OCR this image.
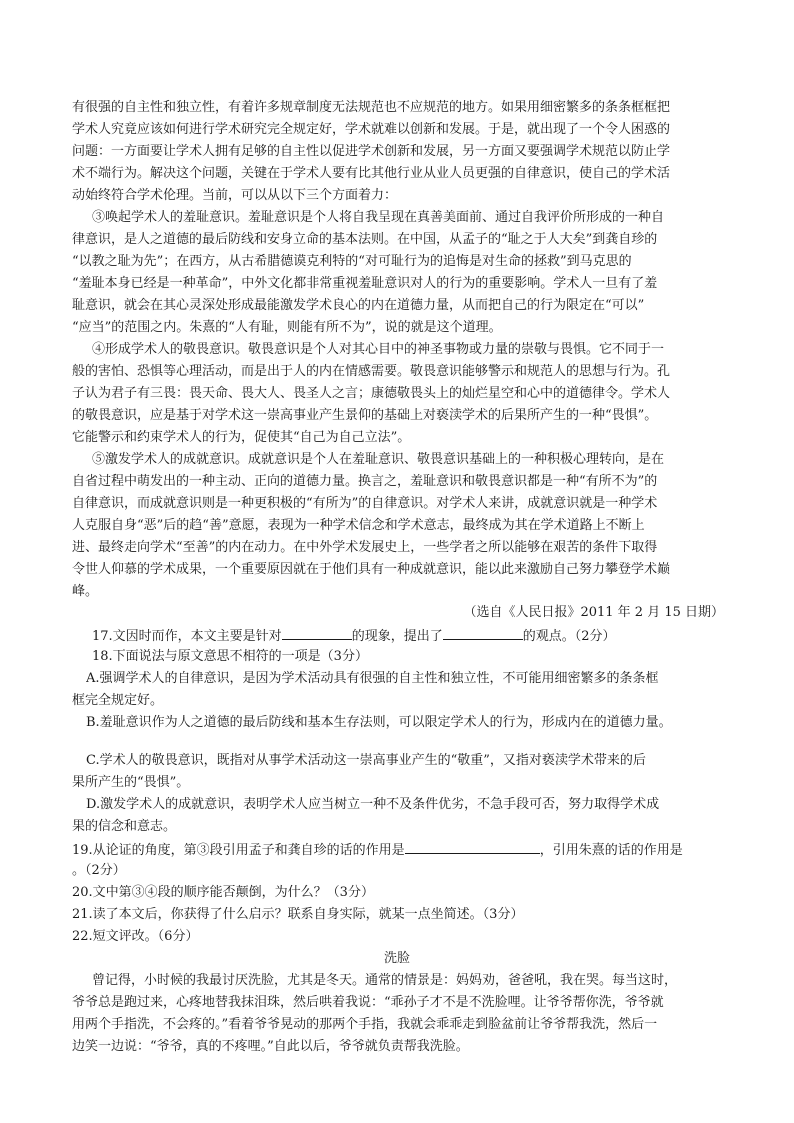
有很强的自主性和独立性，有着许多规章制度无法规范也不应规范的地方。如果用细密繁多的条条框框把
学术人究竟应该如何进行学术研究完全规定好，学术就难以创新和发展。于是，就出现了一个令人困惑的
问题：一方面要让学术人拥有足够的自主性以促进学术创新和发展，另一方面又要强调学术规范以防止学
术不端行为。解决这个问题，关键在于学术人要有比其他行业从业人员更强的自律意识，使自己的学术活
动始终符合学术伦理。当前，可以从以下三个方面着力：
③唤起学术人的羞耻意识。羞耻意识是个人将自我呈现在真善美面前、通过自我评价所形成的一种自
律意识，是人之道德的最后防线和安身立命的基本法则。在中国，从孟子的“耻之于人大矣”到龚自珍的
“以教之耻为先”；在西方，从古希腊德谟克利特的“对可耻行为的追悔是对生命的拯救”到马克思的
“羞耻本身已经是一种革命”，中外文化都非常重视羞耻意识对人的行为的重要影响。学术人一旦有了羞
耻意识，就会在其心灵深处形成最能激发学术良心的内在道德力量，从而把自己的行为限定在“可以”
“应当”的范围之内。朱熹的“人有耻，则能有所不为”，说的就是这个道理。
④形成学术人的敬畏意识。敬畏意识是个人对其心目中的神圣事物或力量的崇敬与畏惧。它不同于一
般的害怕、恐惧等心理活动，而是出于人的内在情感需要。敬畏意识能够警示和规范人的思想与行为。孔
子认为君子有三畏：畏天命、畏大人、畏圣人之言；康德敬畏头上的灿烂星空和心中的道德律令。学术人
的敬畏意识，应是基于对学术这一崇高事业产生景仰的基础上对亵渎学术的后果所产生的一种“畏惧”。
它能警示和约束学术人的行为，促使其“自己为自己立法”。
⑤激发学术人的成就意识。成就意识是个人在羞耻意识、敬畏意识基础上的一种积极心理转向，是在
自省过程中萌发出的一种主动、正向的道德力量。换言之，羞耻意识和敬畏意识都是一种“有所不为”的
自律意识，而成就意识则是一种更积极的“有所为”的自律意识。对学术人来讲，成就意识就是一种学术
人克服自身“恶”后的趋“善”意愿，表现为一种学术信念和学术意志，最终成为其在学术道路上不断上
进、最终走向学术“至善”的内在动力。在中外学术发展史上，一些学者之所以能够在艰苦的条件下取得
令世人仰慕的学术成果，一个重要原因就在于他们具有一种成就意识，能以此来激励自己努力攀登学术巅
峰。
（选自《人民日报》2011 年 2 月 15 日期）
17.文因时而作，本文主要是针对	的现象，提出了	的观点。（2分）
18.下面说法与原文意思不相符的一项是（3分）
A.强调学术人的自律意识，是因为学术活动具有很强的自主性和独立性，不可能用细密繁多的条条框
框完全规定好。
B.羞耻意识作为人之道德的最后防线和基本生存法则，可以限定学术人的行为，形成内在的道德力量。
C.学术人的敬畏意识，既指对从事学术活动这一崇高事业产生的“敬重”，又指对亵渎学术带来的后
果所产生的“畏惧”。
D.激发学术人的成就意识，表明学术人应当树立一种不及条件优劣，不急手段可否，努力取得学术成
果的信念和意志。
19.从论证的角度，第③段引用孟子和龚自珍的话的作用是	，引用朱熹的话的作用是
。（2分）
20.文中第③④段的顺序能否颠倒，为什么？（3分）
21.读了本文后，你获得了什么启示？联系自身实际，就某一点坐简述。（3分）
22.短文评改。（6分）
洗脸
曾记得，小时候的我最讨厌洗脸，尤其是冬天。通常的情景是：妈妈劝，爸爸吼，我在哭。每当这时，
爷爷总是跑过来，心疼地替我抹泪珠，然后哄着我说：“乖孙子才不是不洗脸哩。让爷爷帮你洗，爷爷就
用两个手指洗，不会疼的。”看着爷爷晃动的那两个手指，我就会乖乖走到脸盆前让爷爷帮我洗，然后一
边笑一边说：“爷爷，真的不疼哩。”自此以后，爷爷就负责帮我洗脸。
